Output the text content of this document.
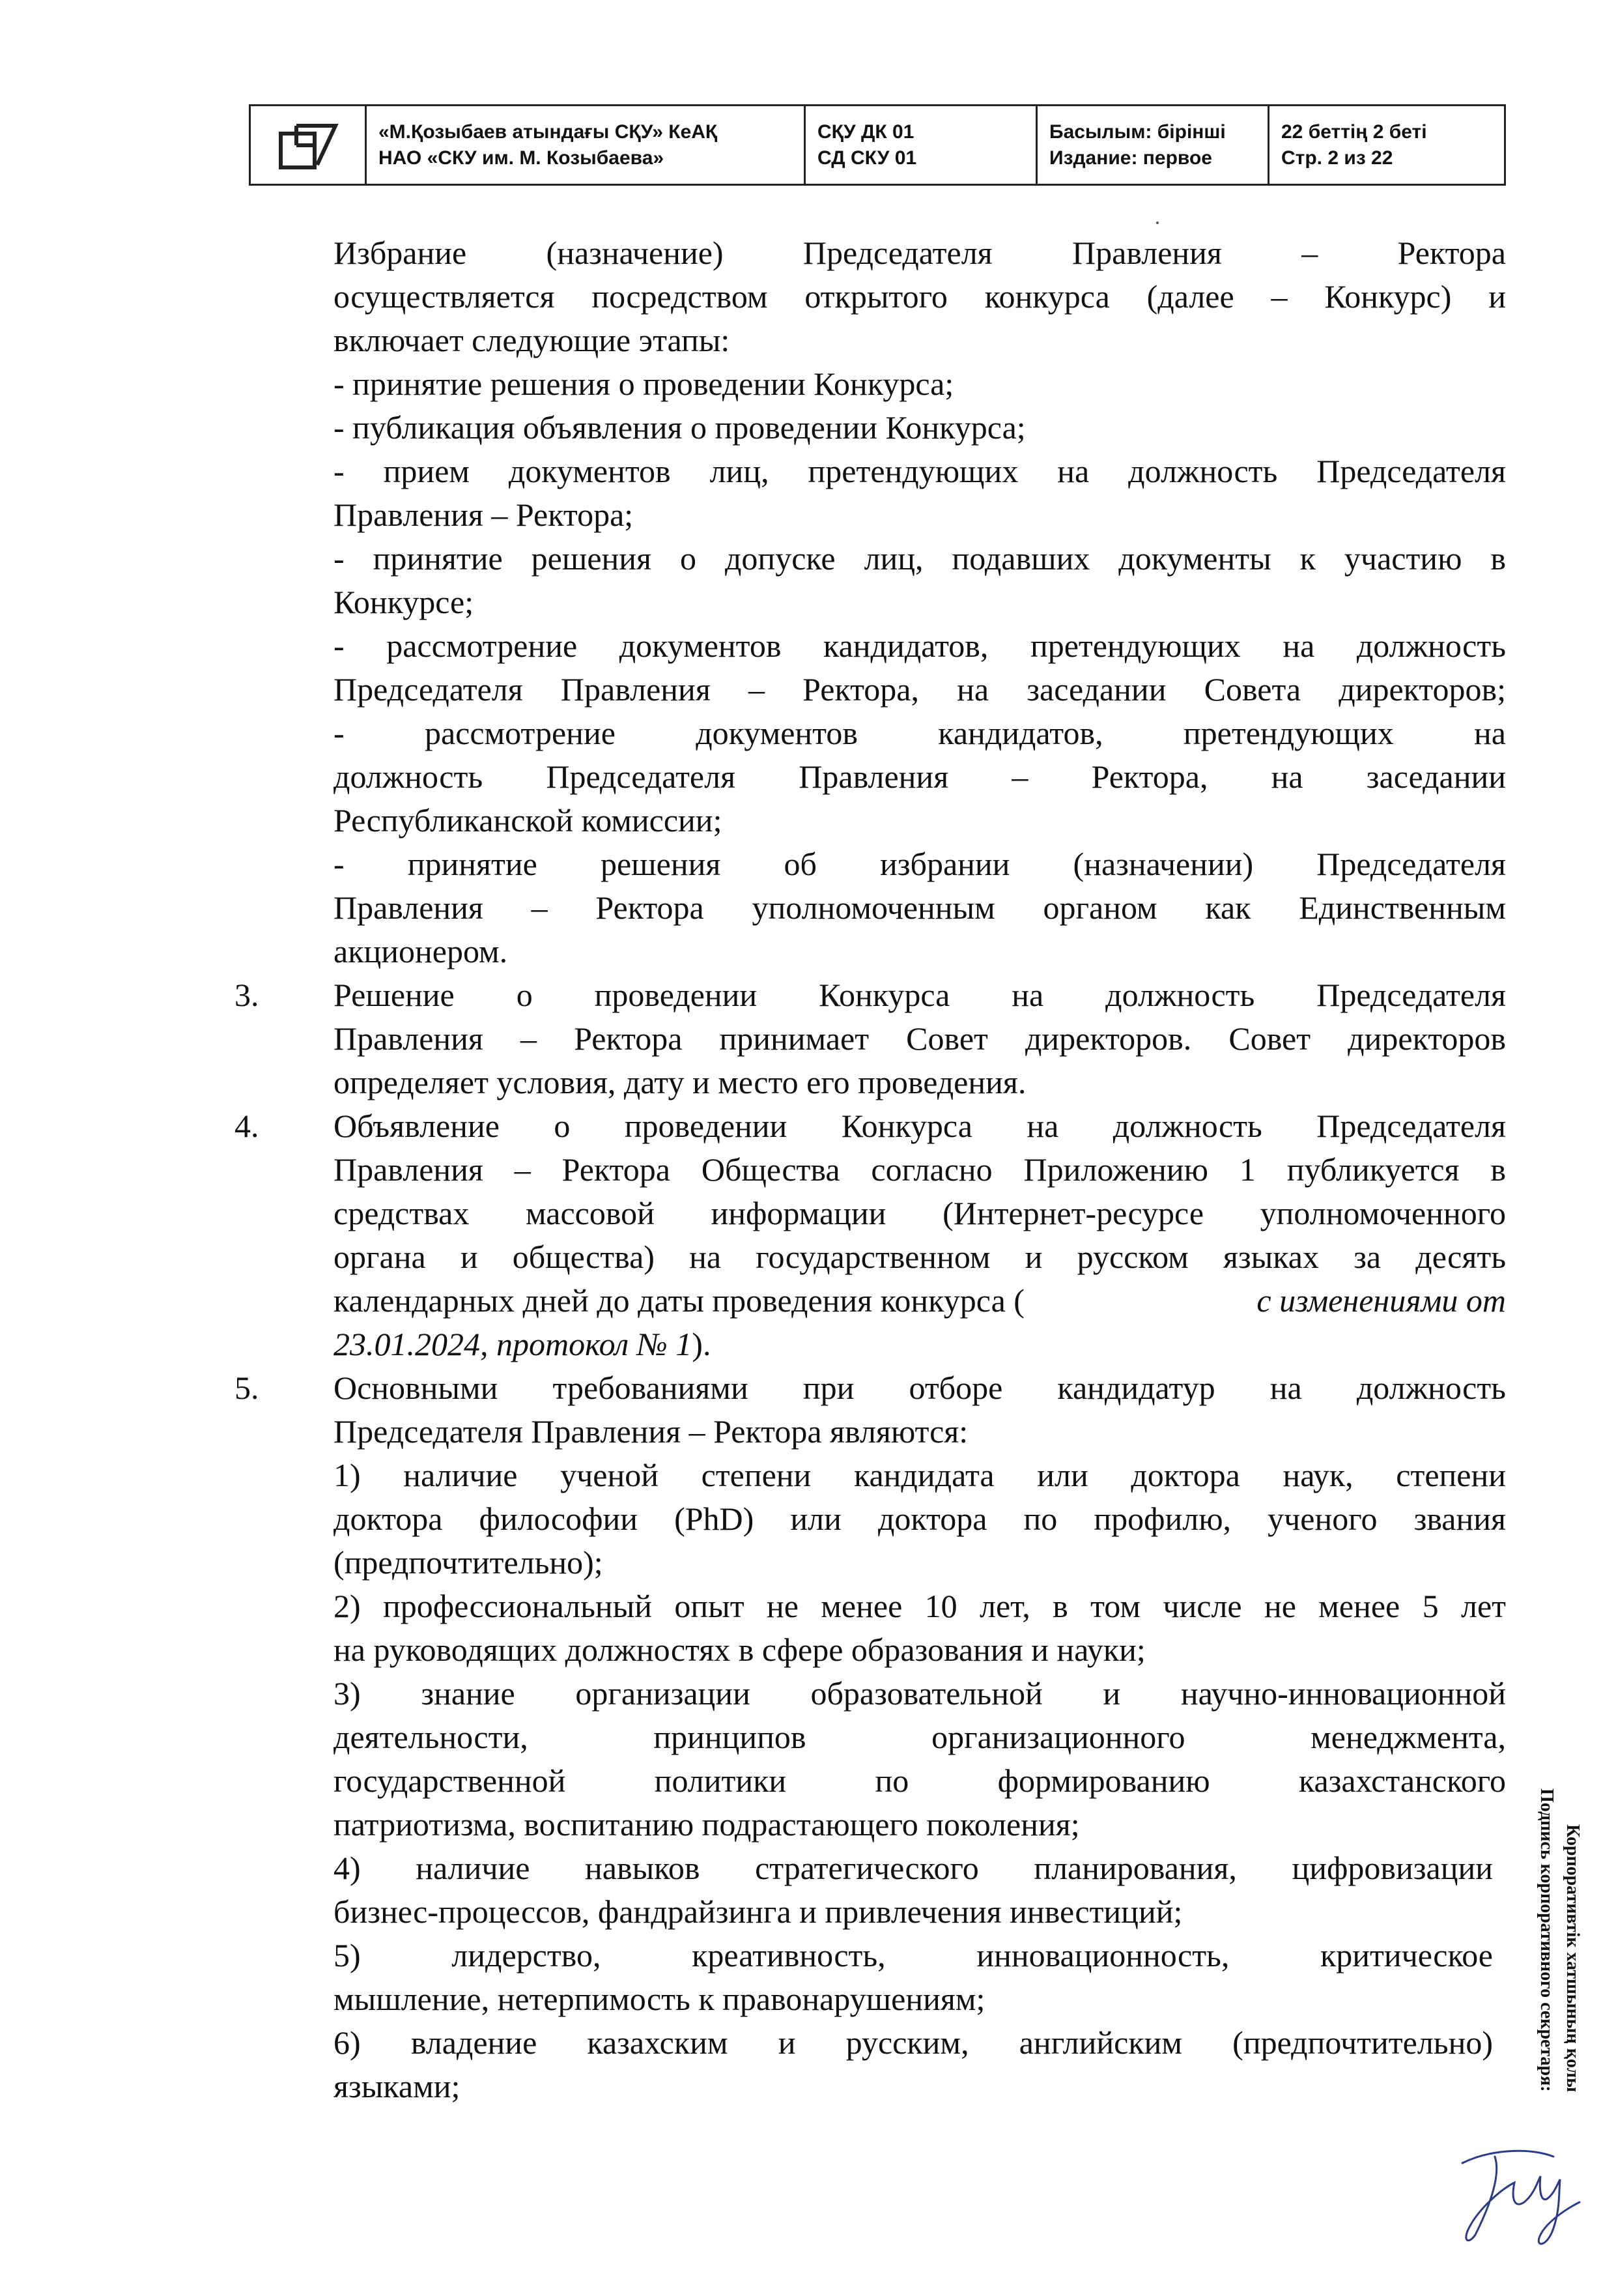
«М.Қозыбаев атындағы СҚУ» КеАҚ
НАО «СКУ им. М. Козыбаева»
СҚУ ДК 01
СД СКУ 01
Басылым: бірінші
Издание: первое
22 беттің 2 беті
Стр. 2 из 22
Избрание (назначение) Председателя Правления – Ректора
осуществляется посредством открытого конкурса (далее – Конкурс) и
включает следующие этапы:
- принятие решения о проведении Конкурса;
- публикация объявления о проведении Конкурса;
- прием документов лиц, претендующих на должность Председателя
Правления – Ректора;
- принятие решения о допуске лиц, подавших документы к участию в
Конкурсе;
- рассмотрение документов кандидатов, претендующих на должность
Председателя Правления – Ректора, на заседании Совета директоров;
- рассмотрение документов кандидатов, претендующих на
должность Председателя Правления – Ректора, на заседании
Республиканской комиссии;
- принятие решения об избрании (назначении) Председателя
Правления – Ректора уполномоченным органом как Единственным
акционером.
3. Решение о проведении Конкурса на должность Председателя
Правления – Ректора принимает Совет директоров. Совет директоров
определяет условия, дату и место его проведения.
4. Объявление о проведении Конкурса на должность Председателя
Правления – Ректора Общества согласно Приложению 1 публикуется в
средствах массовой информации (Интернет-ресурсе уполномоченного
органа и общества) на государственном и русском языках за десять
календарных дней до даты проведения конкурса (	с изменениями от
23.01.2024, протокол № 1).
5. Основными требованиями при отборе кандидатур на должность
Председателя Правления – Ректора являются:
1) наличие ученой степени кандидата или доктора наук, степени
доктора философии (PhD) или доктора по профилю, ученого звания
(предпочтительно);
2) профессиональный опыт не менее 10 лет, в том числе не менее 5 лет
на руководящих должностях в сфере образования и науки;
3) знание организации образовательной и научно-инновационной
деятельности, принципов организационного менеджмента,
государственной политики по формированию казахстанского
патриотизма, воспитанию подрастающего поколения;
4) наличие навыков стратегического планирования, цифровизации
бизнес-процессов, фандрайзинга и привлечения инвестиций;
5) лидерство, креативность, инновационность, критическое
мышление, нетерпимость к правонарушениям;
6) владение казахским и русским, английским (предпочтительно)
языками;	Корпоративтік хатшының қолы
Подпись корпоративного секретаря:
